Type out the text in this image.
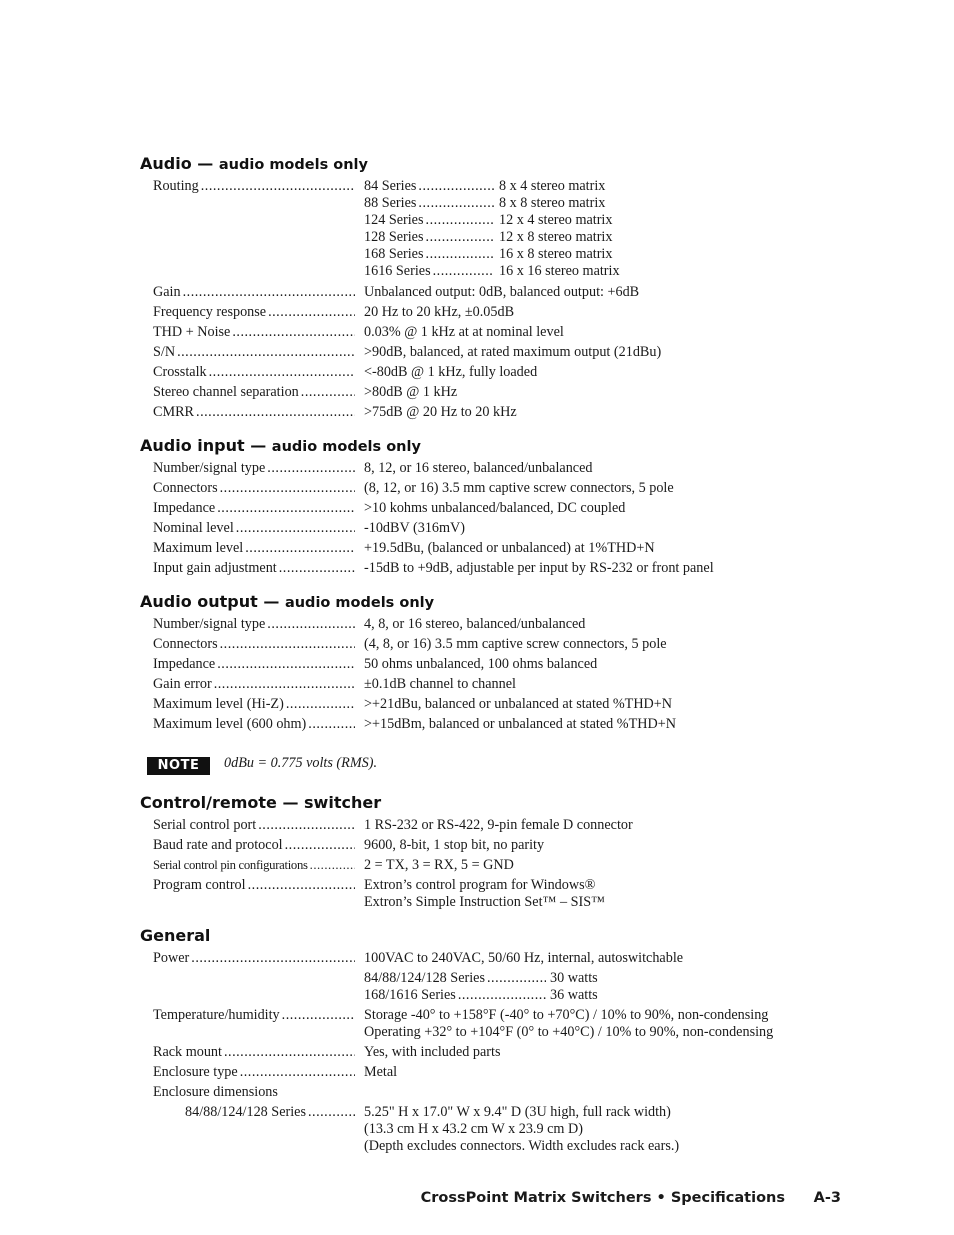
Audio — audio models only
Routing .....	84 Series .....	8 x 4 stereo matrix
88 Series .....	8 x 8 stereo matrix
124 Series .....	12 x 4 stereo matrix
128 Series .....	12 x 8 stereo matrix
168 Series .....	16 x 8 stereo matrix
1616 Series .....	16 x 16 stereo matrix
Gain .....	Unbalanced output: 0dB, balanced output: +6dB
Frequency response .....	20 Hz to 20 kHz, ±0.05dB
THD + Noise .....	0.03% @ 1 kHz at at nominal level
S/N .....	>90dB, balanced, at rated maximum output (21dBu)
Crosstalk .....	<-80dB @ 1 kHz, fully loaded
Stereo channel separation .....	>80dB @ 1 kHz
CMRR .....	>75dB @ 20 Hz to 20 kHz
Audio input — audio models only
Number/signal type .....	8, 12, or 16 stereo, balanced/unbalanced
Connectors .....	(8, 12, or 16) 3.5 mm captive screw connectors, 5 pole
Impedance .....	>10 kohms unbalanced/balanced, DC coupled
Nominal level .....	-10dBV (316mV)
Maximum level .....	+19.5dBu, (balanced or unbalanced) at 1%THD+N
Input gain adjustment .....	-15dB to +9dB, adjustable per input by RS-232 or front panel
Audio output — audio models only
Number/signal type .....	4, 8, or 16 stereo, balanced/unbalanced
Connectors .....	(4, 8, or 16) 3.5 mm captive screw connectors, 5 pole
Impedance .....	50 ohms unbalanced, 100 ohms balanced
Gain error .....	±0.1dB channel to channel
Maximum level (Hi-Z) .....	>+21dBu, balanced or unbalanced at stated %THD+N
Maximum level (600 ohm) .....	>+15dBm, balanced or unbalanced at stated %THD+N
NOTE	0dBu = 0.775 volts (RMS).
Control/remote — switcher
Serial control port .....	1 RS-232 or RS-422, 9-pin female D connector
Baud rate and protocol .....	9600, 8-bit, 1 stop bit, no parity
Serial control pin configurations .....	2 = TX, 3 = RX, 5 = GND
Program control .....	Extron’s control program for Windows®
Extron’s Simple Instruction Set™ – SIS™
General
Power .....	100VAC to 240VAC, 50/60 Hz, internal, autoswitchable
84/88/124/128 Series .....	30 watts
168/1616 Series .....	36 watts
Temperature/humidity .....	Storage -40° to +158°F (-40° to +70°C) / 10% to 90%, non-condensing
Operating +32° to +104°F (0° to +40°C) / 10% to 90%, non-condensing
Rack mount .....	Yes, with included parts
Enclosure type .....	Metal
Enclosure dimensions
84/88/124/128 Series .....	5.25" H x 17.0" W x 9.4" D (3U high, full rack width)
(13.3 cm H x 43.2 cm W x 23.9 cm D)
(Depth excludes connectors. Width excludes rack ears.)
CrossPoint Matrix Switchers • Specifications A-3
